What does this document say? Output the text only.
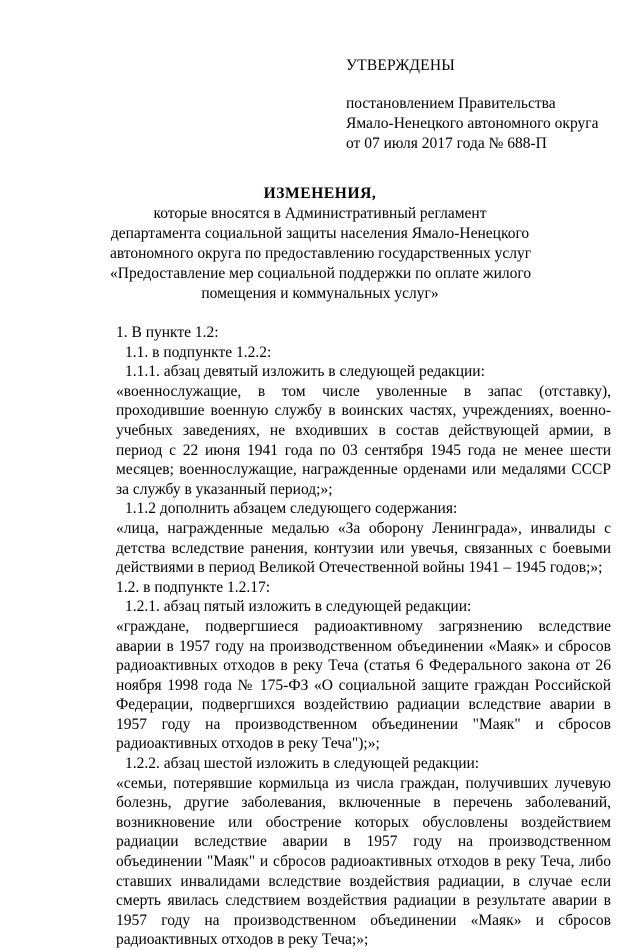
УТВЕРЖДЕНЫ
постановлением Правительства
Ямало-Ненецкого автономного округа
от 07 июля 2017 года № 688-П
ИЗМЕНЕНИЯ,
которые вносятся в Административный регламент
департамента социальной защиты населения Ямало-Ненецкого
автономного округа по предоставлению государственных услуг
«Предоставление мер социальной поддержки по оплате жилого
помещения и коммунальных услуг»
1. В пункте 1.2:
1.1. в подпункте 1.2.2:
1.1.1. абзац девятый изложить в следующей редакции:
«военнослужащие, в том числе уволенные в запас (отставку), проходившие военную службу в воинских частях, учреждениях, военно-учебных заведениях, не входивших в состав действующей армии, в период с 22 июня 1941 года по 03 сентября 1945 года не менее шести месяцев; военнослужащие, награжденные орденами или медалями СССР за службу в указанный период;»;
1.1.2 дополнить абзацем следующего содержания:
«лица, награжденные медалью «За оборону Ленинграда», инвалиды с детства вследствие ранения, контузии или увечья, связанных с боевыми действиями в период Великой Отечественной войны 1941 – 1945 годов;»;
1.2. в подпункте 1.2.17:
1.2.1. абзац пятый изложить в следующей редакции:
«граждане, подвергшиеся радиоактивному загрязнению вследствие аварии в 1957 году на производственном объединении «Маяк» и сбросов радиоактивных отходов в реку Теча (статья 6 Федерального закона от 26 ноября 1998 года № 175-ФЗ «О социальной защите граждан Российской Федерации, подвергшихся воздействию радиации вследствие аварии в 1957 году на производственном объединении "Маяк" и сбросов радиоактивных отходов в реку Теча");»;
1.2.2. абзац шестой изложить в следующей редакции:
«семьи, потерявшие кормильца из числа граждан, получивших лучевую болезнь, другие заболевания, включенные в перечень заболеваний, возникновение или обострение которых обусловлены воздействием радиации вследствие аварии в 1957 году на производственном объединении "Маяк" и сбросов радиоактивных отходов в реку Теча, либо ставших инвалидами вследствие воздействия радиации, в случае если смерть явилась следствием воздействия радиации в результате аварии в 1957 году на производственном объединении «Маяк» и сбросов радиоактивных отходов в реку Теча;»;
